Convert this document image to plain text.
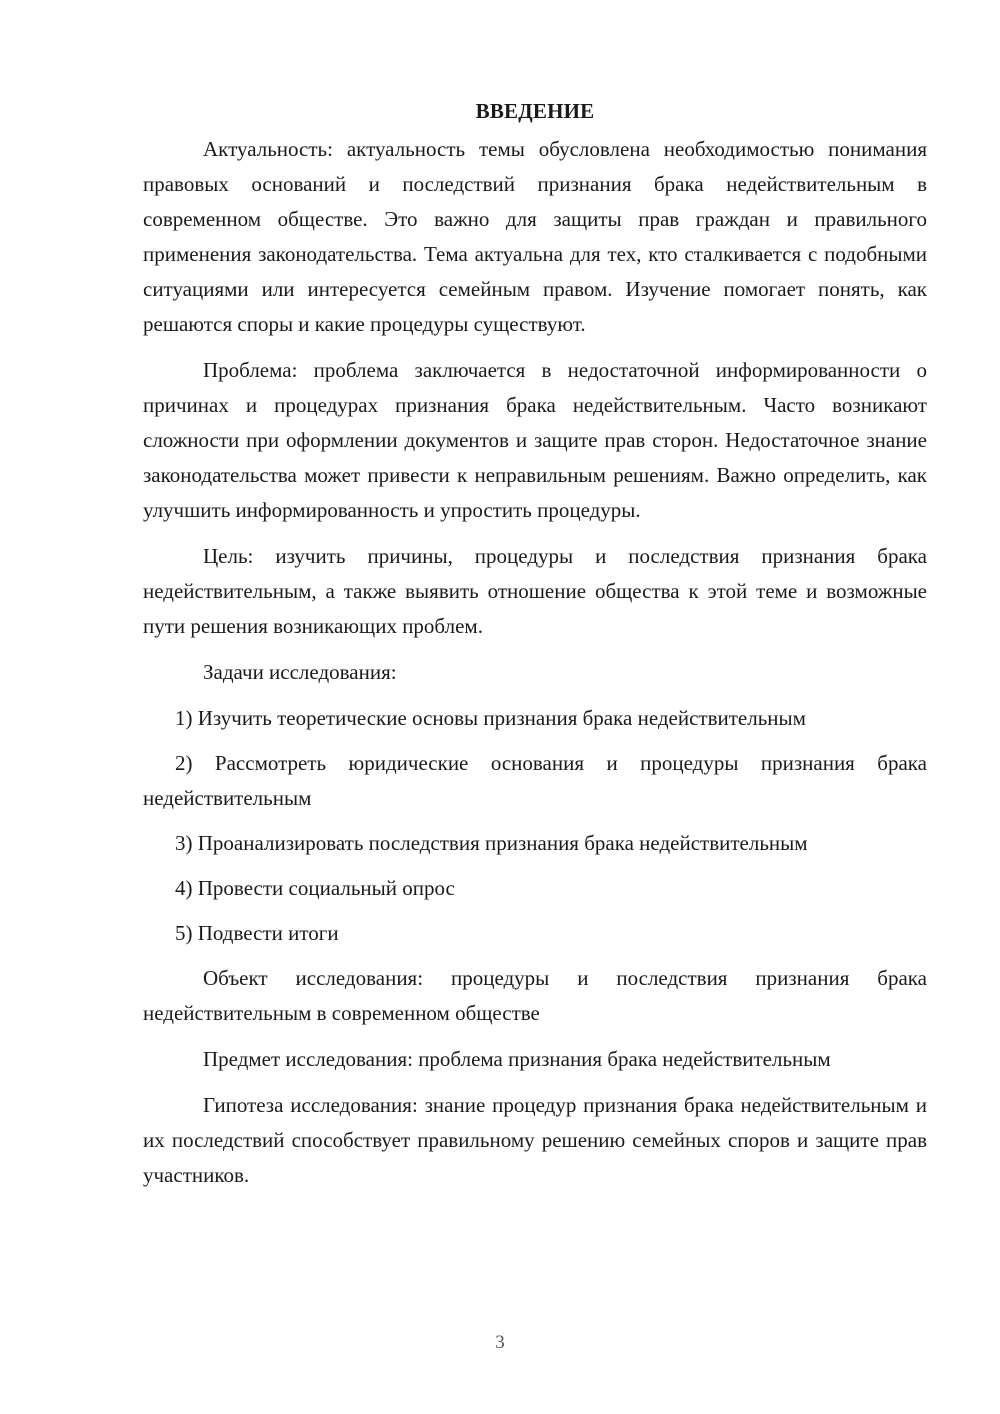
ВВЕДЕНИЕ

Актуальность: актуальность темы обусловлена необходимостью понимания правовых оснований и последствий признания брака недействительным в современном обществе. Это важно для защиты прав граждан и правильного применения законодательства. Тема актуальна для тех, кто сталкивается с подобными ситуациями или интересуется семейным правом. Изучение помогает понять, как решаются споры и какие процедуры существуют.

Проблема: проблема заключается в недостаточной информированности о причинах и процедурах признания брака недействительным. Часто возникают сложности при оформлении документов и защите прав сторон. Недостаточное знание законодательства может привести к неправильным решениям. Важно определить, как улучшить информированность и упростить процедуры.

Цель: изучить причины, процедуры и последствия признания брака недействительным, а также выявить отношение общества к этой теме и возможные пути решения возникающих проблем.

Задачи исследования:

1) Изучить теоретические основы признания брака недействительным

2) Рассмотреть юридические основания и процедуры признания брака недействительным

3) Проанализировать последствия признания брака недействительным

4) Провести социальный опрос

5) Подвести итоги

Объект исследования: процедуры и последствия признания брака недействительным в современном обществе

Предмет исследования: проблема признания брака недействительным

Гипотеза исследования: знание процедур признания брака недействительным и их последствий способствует правильному решению семейных споров и защите прав участников.

3
